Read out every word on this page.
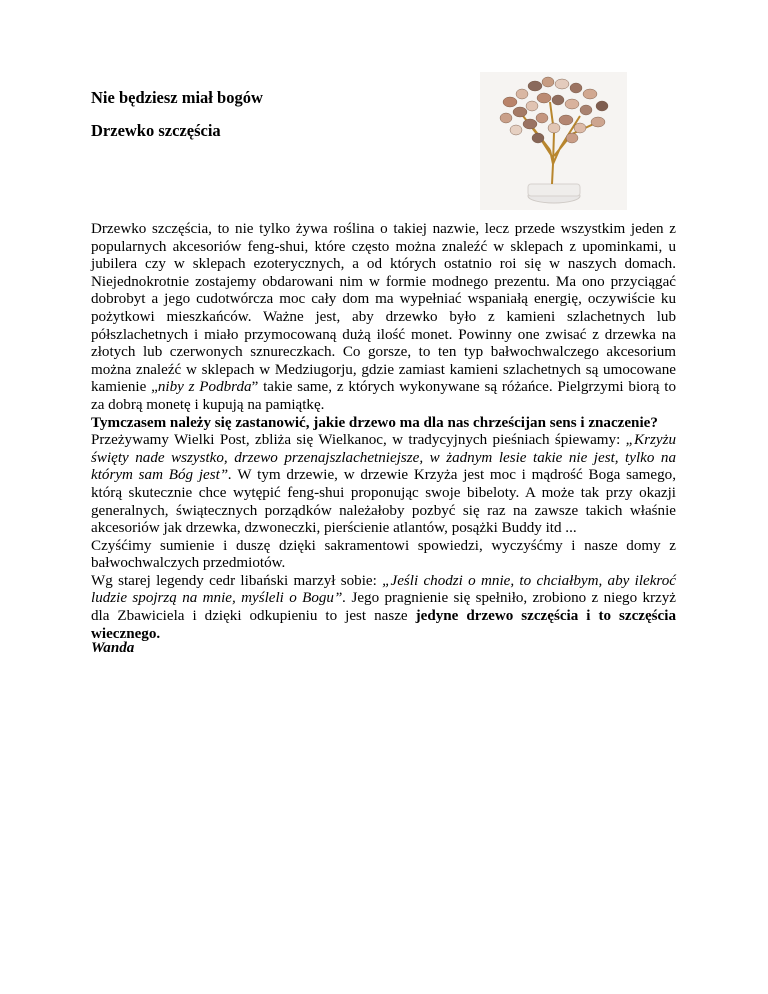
Nie będziesz miał bogów
Drzewko szczęścia

Drzewko szczęścia, to nie tylko żywa roślina o takiej nazwie, lecz przede wszystkim jeden z popularnych akcesoriów feng-shui, które często można znaleźć w sklepach z upominkami, u jubilera czy w sklepach ezoterycznych, a od których ostatnio roi się w naszych domach. Niejednokrotnie zostajemy obdarowani nim w formie modnego prezentu. Ma ono przyciągać dobrobyt a jego cudotwórcza moc cały dom ma wypełniać wspaniałą energię, oczywiście ku pożytkowi mieszkańców. Ważne jest, aby drzewko było z kamieni szlachetnych lub półszlachetnych i miało przymocowaną dużą ilość monet. Powinny one zwisać z drzewka na złotych lub czerwonych sznureczkach. Co gorsze, to ten typ bałwochwalczego akcesorium można znaleźć w sklepach w Medziugorju, gdzie zamiast kamieni szlachetnych są umocowane kamienie „niby z Podbrda” takie same, z których wykonywane są różańce. Pielgrzymi biorą to za dobrą monetę i kupują na pamiątkę.

Tymczasem należy się zastanowić, jakie drzewo ma dla nas chrześcijan sens i znaczenie?

Przeżywamy Wielki Post, zbliża się Wielkanoc, w tradycyjnych pieśniach śpiewamy: „Krzyżu święty nade wszystko, drzewo przenajszlachetniejsze, w żadnym lesie takie nie jest, tylko na którym sam Bóg jest”. W tym drzewie, w drzewie Krzyża jest moc i mądrość Boga samego, którą skutecznie chce wytępić feng-shui proponując swoje bibeloty. A może tak przy okazji generalnych, świątecznych porządków należałoby pozbyć się raz na zawsze takich właśnie akcesoriów jak drzewka, dzwoneczki, pierścienie atlantów, posążki Buddy itd ...

Czyśćimy sumienie i duszę dzięki sakramentowi spowiedzi, wyczyśćmy i nasze domy z bałwochwalczych przedmiotów.

Wg starej legendy cedr libański marzył sobie: „Jeśli chodzi o mnie, to chciałbym, aby ilekroć ludzie spojrzą na mnie, myśleli o Bogu”. Jego pragnienie się spełniło, zrobiono z niego krzyż dla Zbawiciela i dzięki odkupieniu to jest nasze jedyne drzewo szczęścia i to szczęścia wiecznego.

Wanda
